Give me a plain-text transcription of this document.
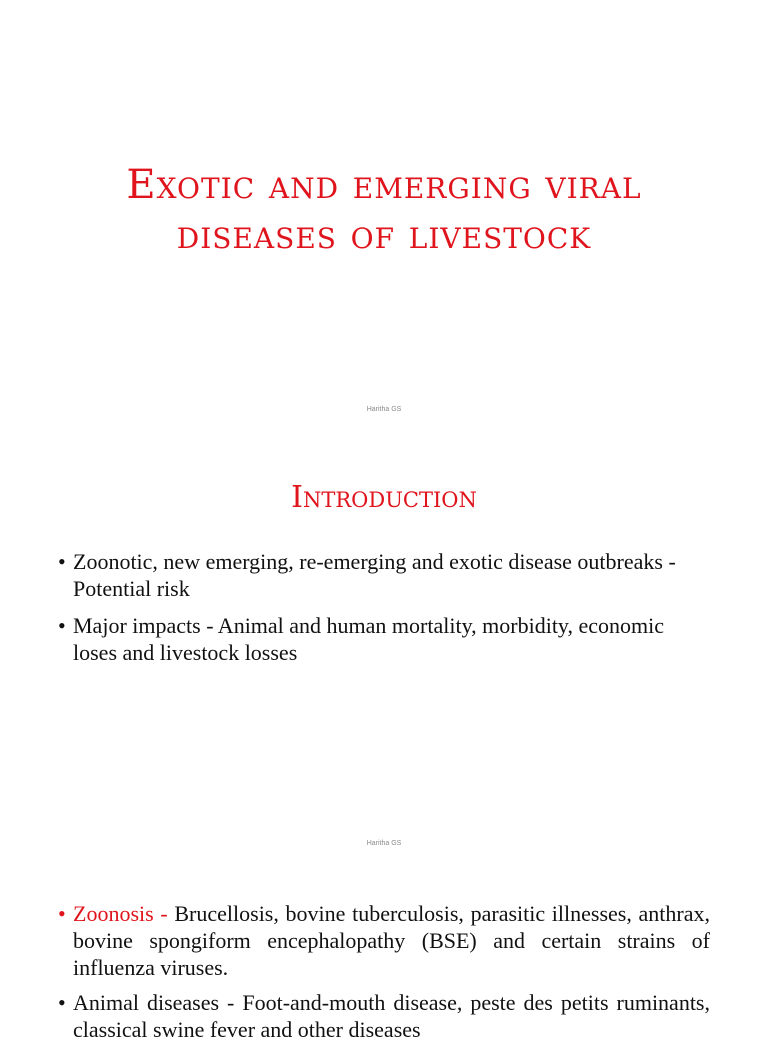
Exotic and emerging viral
diseases of livestock
Haritha GS
Introduction
• Zoonotic, new emerging, re-emerging and exotic disease outbreaks -Potential risk
• Major impacts - Animal and human mortality, morbidity, economic loses and livestock losses
Haritha GS
• Zoonosis - Brucellosis, bovine tuberculosis, parasitic illnesses, anthrax, bovine spongiform encephalopathy (BSE) and certain strains of influenza viruses.
• Animal diseases - Foot-and-mouth disease, peste des petits ruminants, classical swine fever and other diseases
